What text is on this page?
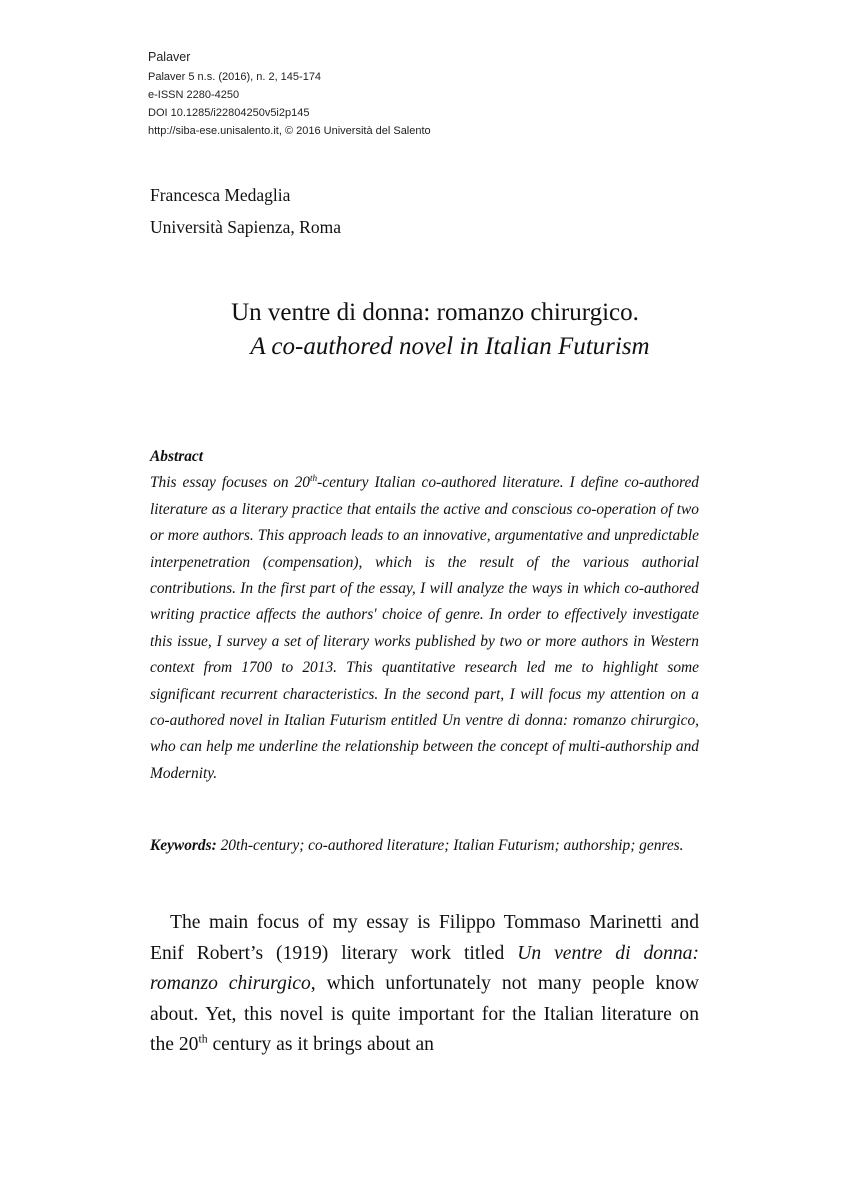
Palaver
Palaver 5 n.s. (2016), n. 2, 145-174
e-ISSN 2280-4250
DOI 10.1285/i22804250v5i2p145
http://siba-ese.unisalento.it, © 2016 Università del Salento
Francesca Medaglia
Università Sapienza, Roma
Un ventre di donna: romanzo chirurgico.
A co-authored novel in Italian Futurism
Abstract
This essay focuses on 20th-century Italian co-authored literature. I define co-authored literature as a literary practice that entails the active and conscious co-operation of two or more authors. This approach leads to an innovative, argumentative and unpredictable interpenetration (compensation), which is the result of the various authorial contributions. In the first part of the essay, I will analyze the ways in which co-authored writing practice affects the authors' choice of genre. In order to effectively investigate this issue, I survey a set of literary works published by two or more authors in Western context from 1700 to 2013. This quantitative research led me to highlight some significant recurrent characteristics. In the second part, I will focus my attention on a co-authored novel in Italian Futurism entitled Un ventre di donna: romanzo chirurgico, who can help me underline the relationship between the concept of multi-authorship and Modernity.
Keywords: 20th-century; co-authored literature; Italian Futurism; authorship; genres.
The main focus of my essay is Filippo Tommaso Marinetti and Enif Robert’s (1919) literary work titled Un ventre di donna: romanzo chirurgico, which unfortunately not many people know about. Yet, this novel is quite important for the Italian literature on the 20th century as it brings about an
